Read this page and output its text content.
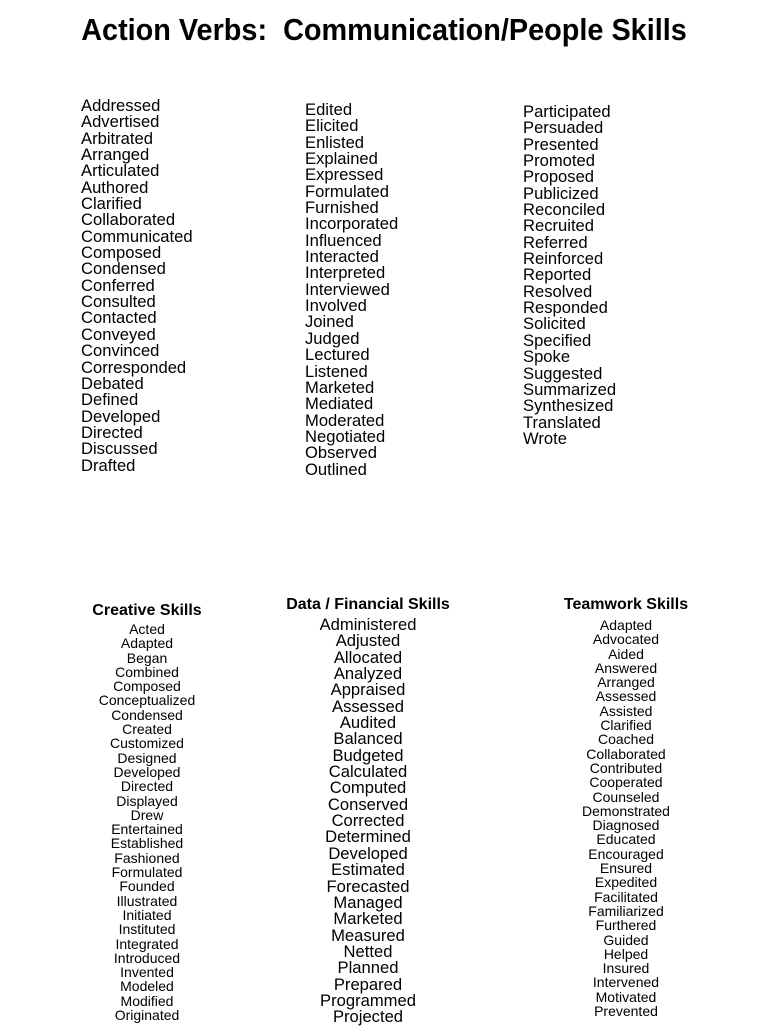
Action Verbs:  Communication/People Skills
Addressed
Advertised
Arbitrated
Arranged
Articulated
Authored
Clarified
Collaborated
Communicated
Composed
Condensed
Conferred
Consulted
Contacted
Conveyed
Convinced
Corresponded
Debated
Defined
Developed
Directed
Discussed
Drafted
Edited
Elicited
Enlisted
Explained
Expressed
Formulated
Furnished
Incorporated
Influenced
Interacted
Interpreted
Interviewed
Involved
Joined
Judged
Lectured
Listened
Marketed
Mediated
Moderated
Negotiated
Observed
Outlined
Participated
Persuaded
Presented
Promoted
Proposed
Publicized
Reconciled
Recruited
Referred
Reinforced
Reported
Resolved
Responded
Solicited
Specified
Spoke
Suggested
Summarized
Synthesized
Translated
Wrote
Creative Skills
Acted
Adapted
Began
Combined
Composed
Conceptualized
Condensed
Created
Customized
Designed
Developed
Directed
Displayed
Drew
Entertained
Established
Fashioned
Formulated
Founded
Illustrated
Initiated
Instituted
Integrated
Introduced
Invented
Modeled
Modified
Originated
Data / Financial Skills
Administered
Adjusted
Allocated
Analyzed
Appraised
Assessed
Audited
Balanced
Budgeted
Calculated
Computed
Conserved
Corrected
Determined
Developed
Estimated
Forecasted
Managed
Marketed
Measured
Netted
Planned
Prepared
Programmed
Projected
Teamwork Skills
Adapted
Advocated
Aided
Answered
Arranged
Assessed
Assisted
Clarified
Coached
Collaborated
Contributed
Cooperated
Counseled
Demonstrated
Diagnosed
Educated
Encouraged
Ensured
Expedited
Facilitated
Familiarized
Furthered
Guided
Helped
Insured
Intervened
Motivated
Prevented
